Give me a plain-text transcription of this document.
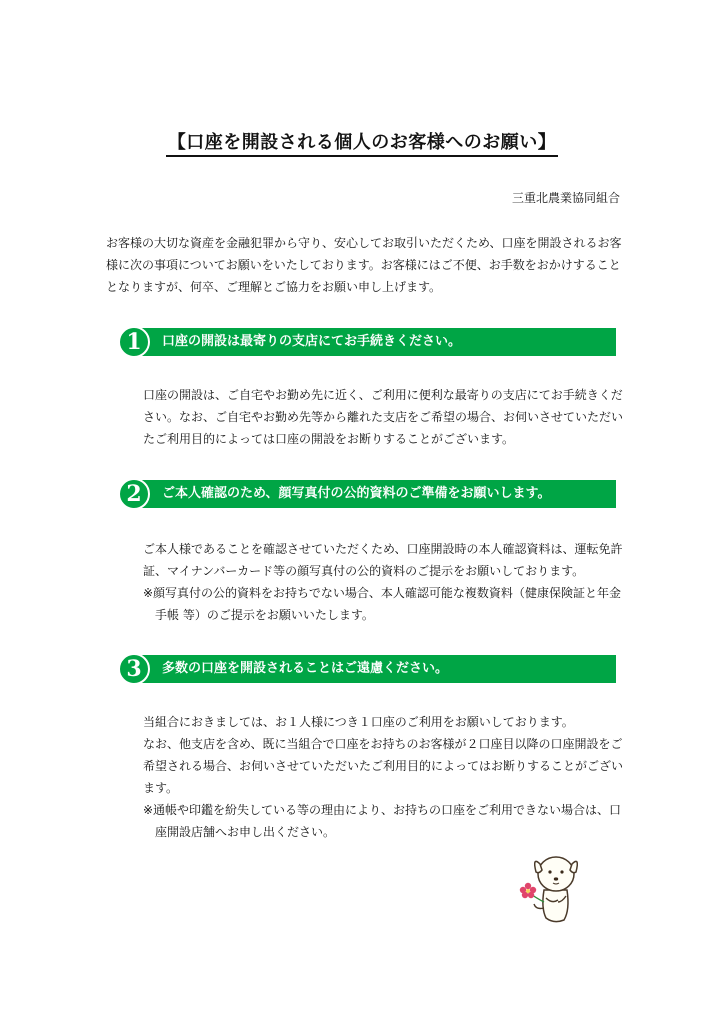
【口座を開設される個人のお客様へのお願い】
三重北農業協同組合

お客様の大切な資産を金融犯罪から守り、安心してお取引いただくため、口座を開設されるお客様に次の事項についてお願いをいたしております。お客様にはご不便、お手数をおかけすることとなりますが、何卒、ご理解とご協力をお願い申し上げます。

1	口座の開設は最寄りの支店にてお手続きください。

口座の開設は、ご自宅やお勤め先に近く、ご利用に便利な最寄りの支店にてお手続きください。なお、ご自宅やお勤め先等から離れた支店をご希望の場合、お伺いさせていただいたご利用目的によっては口座の開設をお断りすることがございます。

2	ご本人確認のため、顔写真付の公的資料のご準備をお願いします。

ご本人様であることを確認させていただくため、口座開設時の本人確認資料は、運転免許証、マイナンバーカード等の顔写真付の公的資料のご提示をお願いしております。

※顔写真付の公的資料をお持ちでない場合、本人確認可能な複数資料（健康保険証と年金手帳 等）のご提示をお願いいたします。

3	多数の口座を開設されることはご遠慮ください。

当組合におきましては、お１人様につき１口座のご利用をお願いしております。

なお、他支店を含め、既に当組合で口座をお持ちのお客様が２口座目以降の口座開設をご希望される場合、お伺いさせていただいたご利用目的によってはお断りすることがございます。

※通帳や印鑑を紛失している等の理由により、お持ちの口座をご利用できない場合は、口座開設店舗へお申し出ください。
